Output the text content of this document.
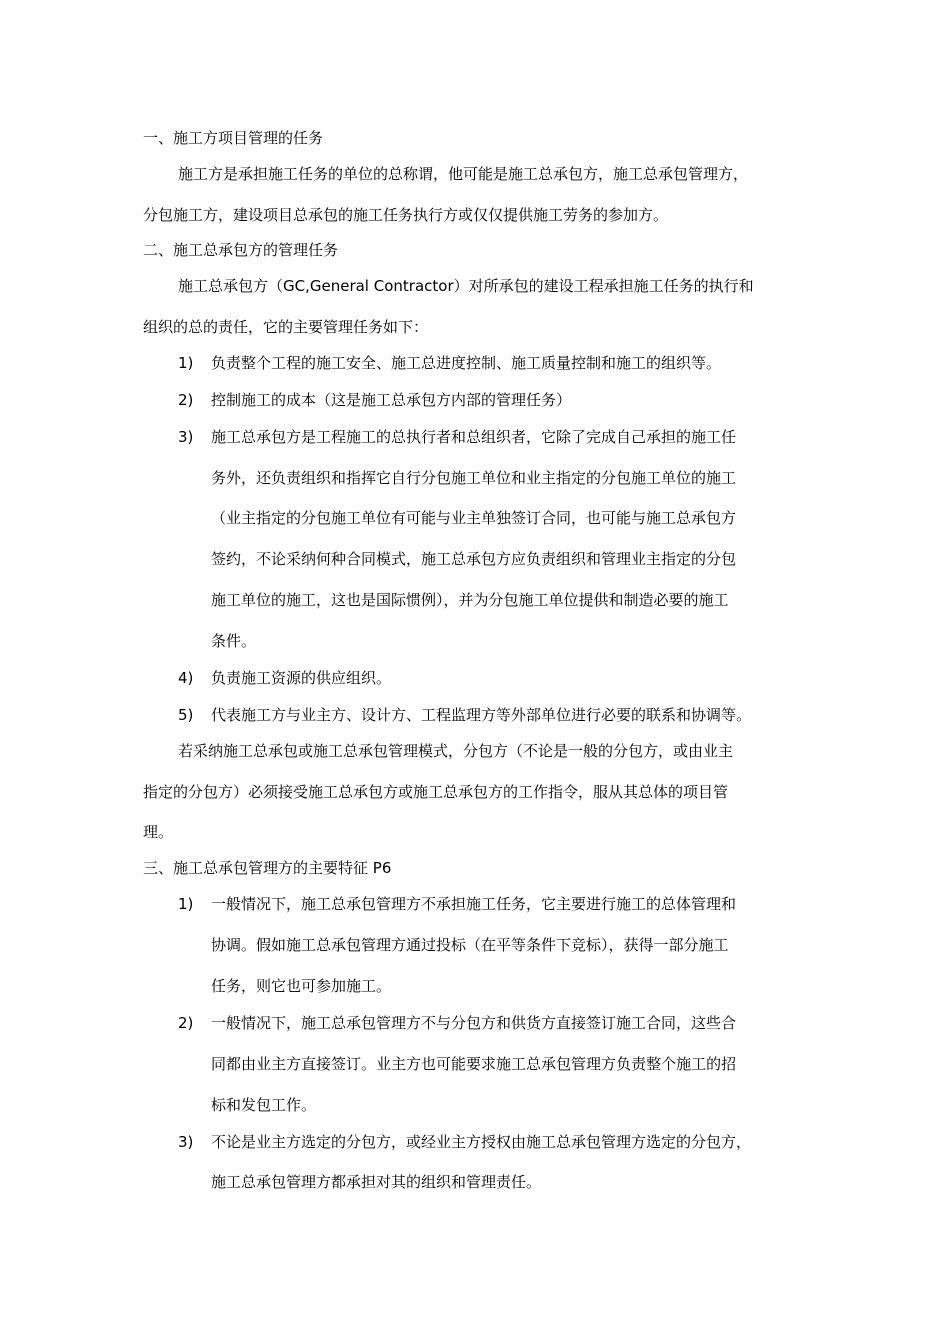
一、施工方项目管理的任务
施工方是承担施工任务的单位的总称谓，他可能是施工总承包方，施工总承包管理方，
分包施工方，建设项目总承包的施工任务执行方或仅仅提供施工劳务的参加方。
二、施工总承包方的管理任务
施工总承包方（GC,General Contractor）对所承包的建设工程承担施工任务的执行和
组织的总的责任，它的主要管理任务如下：
1) 负责整个工程的施工安全、施工总进度控制、施工质量控制和施工的组织等。
2) 控制施工的成本（这是施工总承包方内部的管理任务）
3) 施工总承包方是工程施工的总执行者和总组织者，它除了完成自己承担的施工任
务外，还负责组织和指挥它自行分包施工单位和业主指定的分包施工单位的施工
（业主指定的分包施工单位有可能与业主单独签订合同，也可能与施工总承包方
签约，不论采纳何种合同模式，施工总承包方应负责组织和管理业主指定的分包
施工单位的施工，这也是国际惯例），并为分包施工单位提供和制造必要的施工
条件。
4) 负责施工资源的供应组织。
5) 代表施工方与业主方、设计方、工程监理方等外部单位进行必要的联系和协调等。
若采纳施工总承包或施工总承包管理模式，分包方（不论是一般的分包方，或由业主
指定的分包方）必须接受施工总承包方或施工总承包方的工作指令，服从其总体的项目管
理。
三、施工总承包管理方的主要特征 P6
1) 一般情况下，施工总承包管理方不承担施工任务，它主要进行施工的总体管理和
协调。假如施工总承包管理方通过投标（在平等条件下竞标），获得一部分施工
任务，则它也可参加施工。
2) 一般情况下，施工总承包管理方不与分包方和供货方直接签订施工合同，这些合
同都由业主方直接签订。业主方也可能要求施工总承包管理方负责整个施工的招
标和发包工作。
3) 不论是业主方选定的分包方，或经业主方授权由施工总承包管理方选定的分包方，
施工总承包管理方都承担对其的组织和管理责任。
